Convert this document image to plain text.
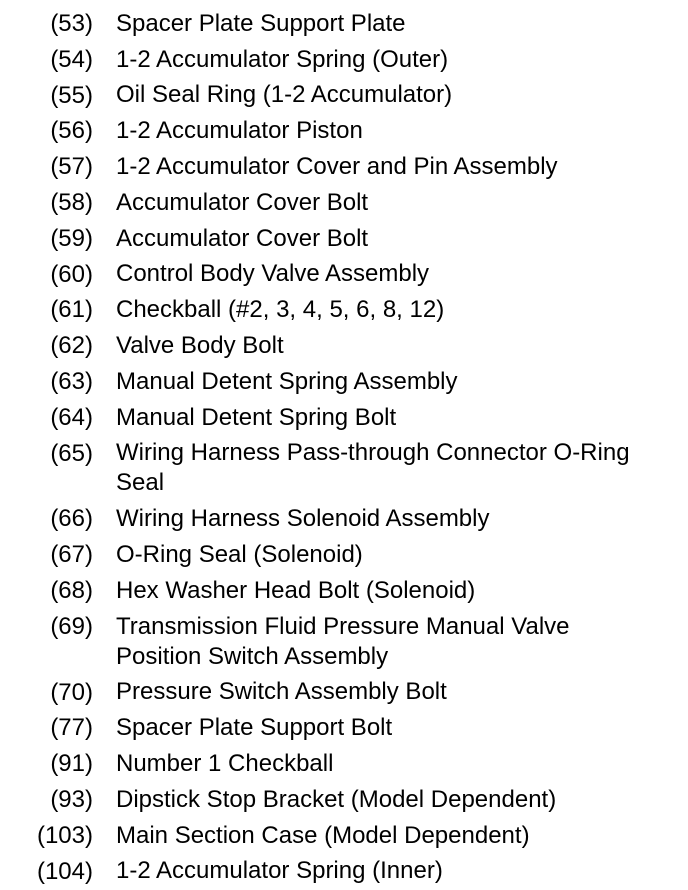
(53) Spacer Plate Support Plate
(54) 1-2 Accumulator Spring (Outer)
(55) Oil Seal Ring (1-2 Accumulator)
(56) 1-2 Accumulator Piston
(57) 1-2 Accumulator Cover and Pin Assembly
(58) Accumulator Cover Bolt
(59) Accumulator Cover Bolt
(60) Control Body Valve Assembly
(61) Checkball (#2, 3, 4, 5, 6, 8, 12)
(62) Valve Body Bolt
(63) Manual Detent Spring Assembly
(64) Manual Detent Spring Bolt
(65) Wiring Harness Pass-through Connector O-Ring Seal
(66) Wiring Harness Solenoid Assembly
(67) O-Ring Seal (Solenoid)
(68) Hex Washer Head Bolt (Solenoid)
(69) Transmission Fluid Pressure Manual Valve Position Switch Assembly
(70) Pressure Switch Assembly Bolt
(77) Spacer Plate Support Bolt
(91) Number 1 Checkball
(93) Dipstick Stop Bracket (Model Dependent)
(103) Main Section Case (Model Dependent)
(104) 1-2 Accumulator Spring (Inner)
